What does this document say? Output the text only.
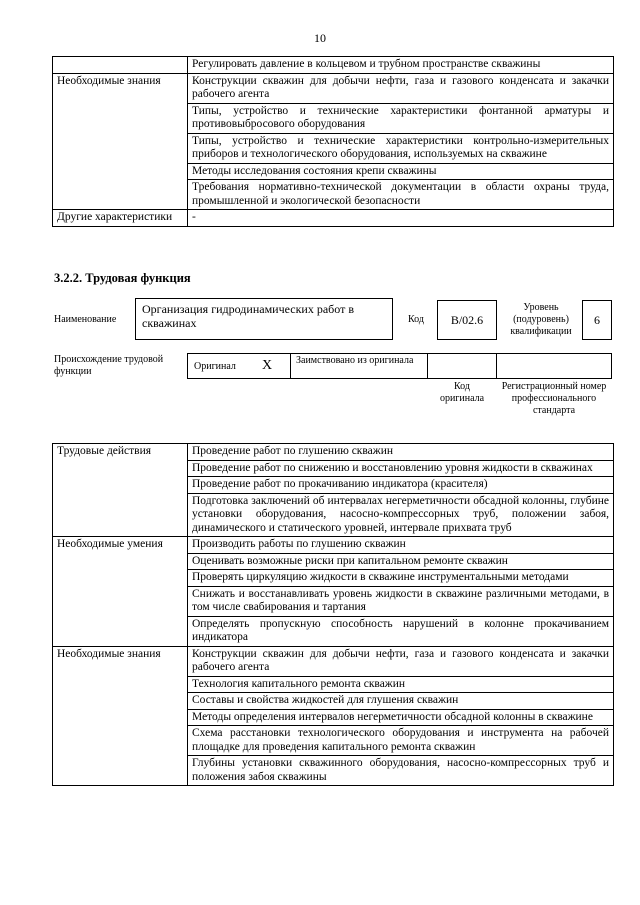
10
	Регулировать давление в кольцевом и трубном пространстве скважины
Необходимые знания	Конструкции скважин для добычи нефти, газа и газового конденсата и закачки рабочего агента
	Типы, устройство и технические характеристики фонтанной арматуры и противовыбросового оборудования
	Типы, устройство и технические характеристики контрольно-измерительных приборов и технологического оборудования, используемых на скважине
	Методы исследования состояния крепи скважины
	Требования нормативно-технической документации в области охраны труда, промышленной и экологической безопасности
Другие характеристики	-
3.2.2. Трудовая функция
Наименование
Организация гидродинамических работ в скважинах	Код	B/02.6
Уровень (подуровень) квалификации
6
Происхождение трудовой функции	Оригинал X	Заимствовано из оригинала
Код оригинала
Регистрационный номер профессионального стандарта
Трудовые действия	Проведение работ по глушению скважин
	Проведение работ по снижению и восстановлению уровня жидкости в скважинах
	Проведение работ по прокачиванию индикатора (красителя)
	Подготовка заключений об интервалах негерметичности обсадной колонны, глубине установки оборудования, насосно-компрессорных труб, положении забоя, динамического и статического уровней, интервале прихвата труб
Необходимые умения	Производить работы по глушению скважин
	Оценивать возможные риски при капитальном ремонте скважин
	Проверять циркуляцию жидкости в скважине инструментальными методами
	Снижать и восстанавливать уровень жидкости в скважине различными методами, в том числе свабирования и тартания
	Определять пропускную способность нарушений в колонне прокачиванием индикатора
Необходимые знания	Конструкции скважин для добычи нефти, газа и газового конденсата и закачки рабочего агента
	Технология капитального ремонта скважин
	Составы и свойства жидкостей для глушения скважин
	Методы определения интервалов негерметичности обсадной колонны в скважине
	Схема расстановки технологического оборудования и инструмента на рабочей площадке для проведения капитального ремонта скважин
	Глубины установки скважинного оборудования, насосно-компрессорных труб и положения забоя скважины
